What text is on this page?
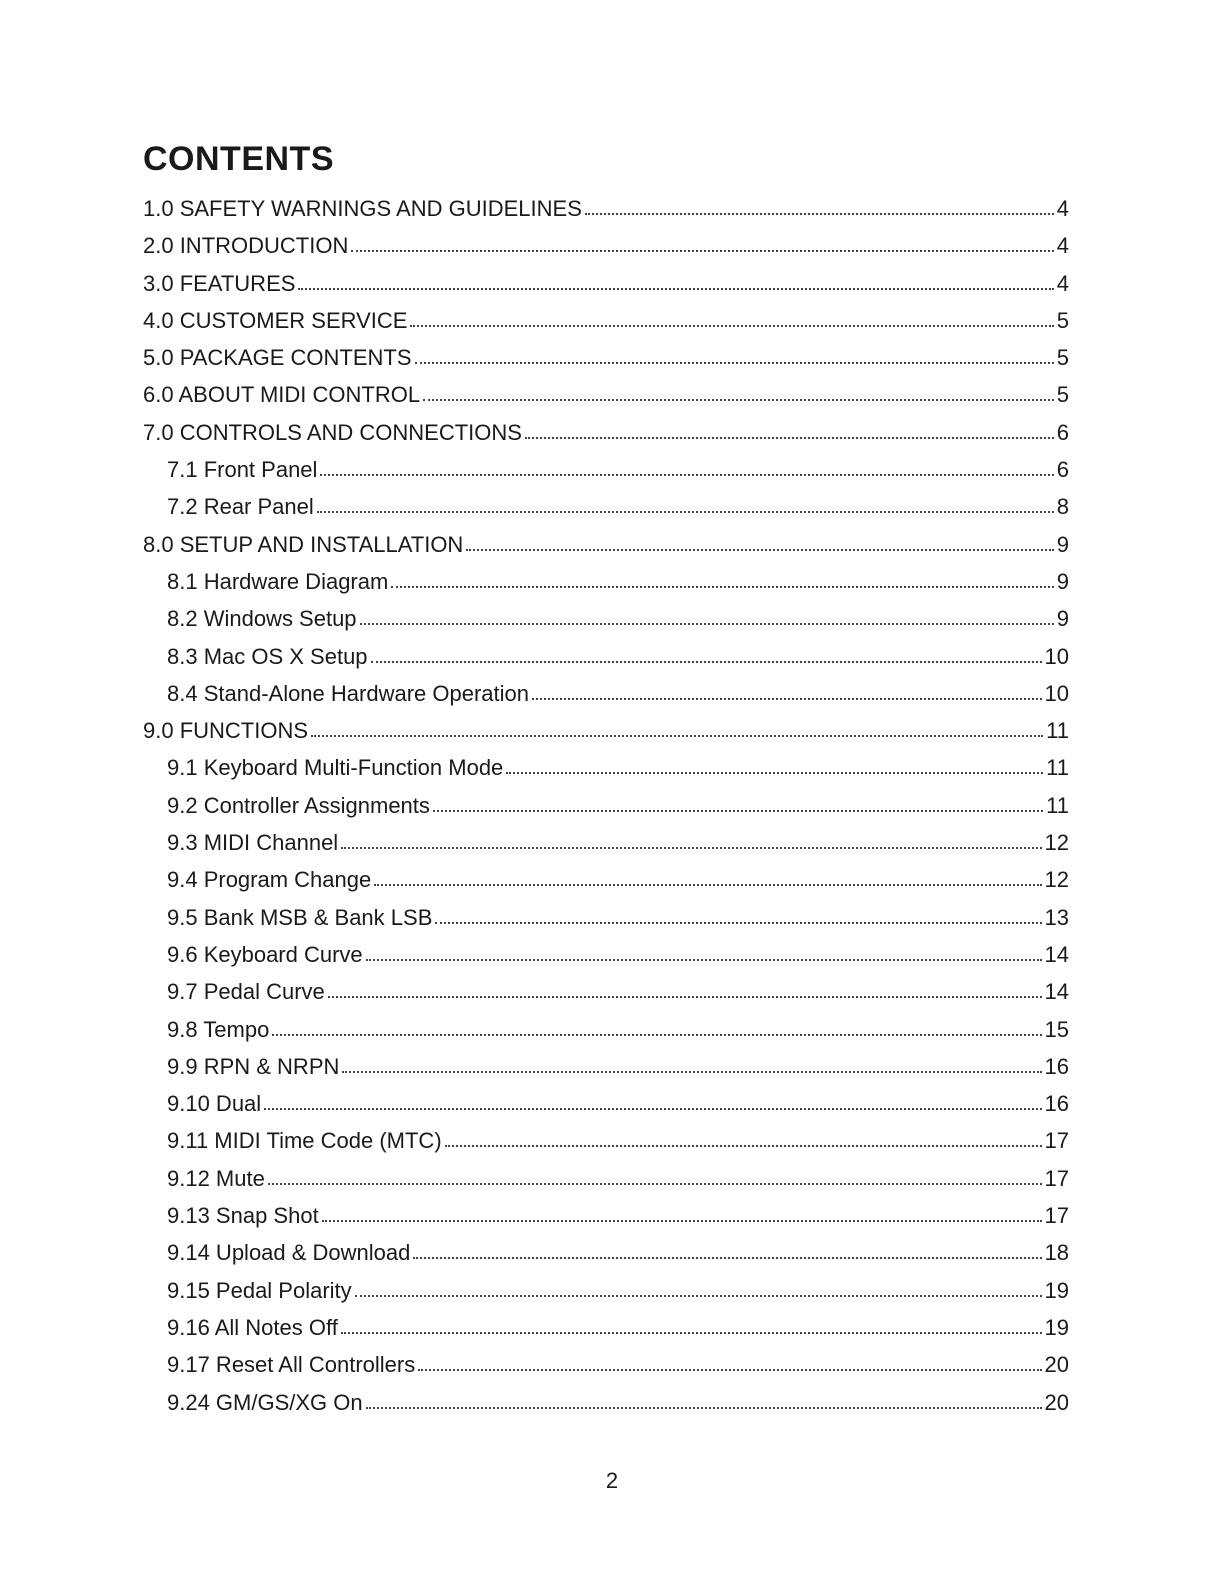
CONTENTS
1.0 SAFETY WARNINGS AND GUIDELINES	4
2.0 INTRODUCTION	4
3.0 FEATURES	4
4.0 CUSTOMER SERVICE	5
5.0 PACKAGE CONTENTS	5
6.0 ABOUT MIDI CONTROL	5
7.0 CONTROLS AND CONNECTIONS	6
7.1 Front Panel	6
7.2 Rear Panel	8
8.0 SETUP AND INSTALLATION	9
8.1 Hardware Diagram	9
8.2 Windows Setup	9
8.3 Mac OS X Setup	10
8.4 Stand-Alone Hardware Operation	10
9.0 FUNCTIONS	11
9.1 Keyboard Multi-Function Mode	11
9.2 Controller Assignments	11
9.3 MIDI Channel	12
9.4 Program Change	12
9.5 Bank MSB & Bank LSB	13
9.6 Keyboard Curve	14
9.7 Pedal Curve	14
9.8 Tempo	15
9.9 RPN & NRPN	16
9.10 Dual	16
9.11 MIDI Time Code (MTC)	17
9.12 Mute	17
9.13 Snap Shot	17
9.14 Upload & Download	18
9.15 Pedal Polarity	19
9.16 All Notes Off	19
9.17 Reset All Controllers	20
9.24 GM/GS/XG On	20
2
